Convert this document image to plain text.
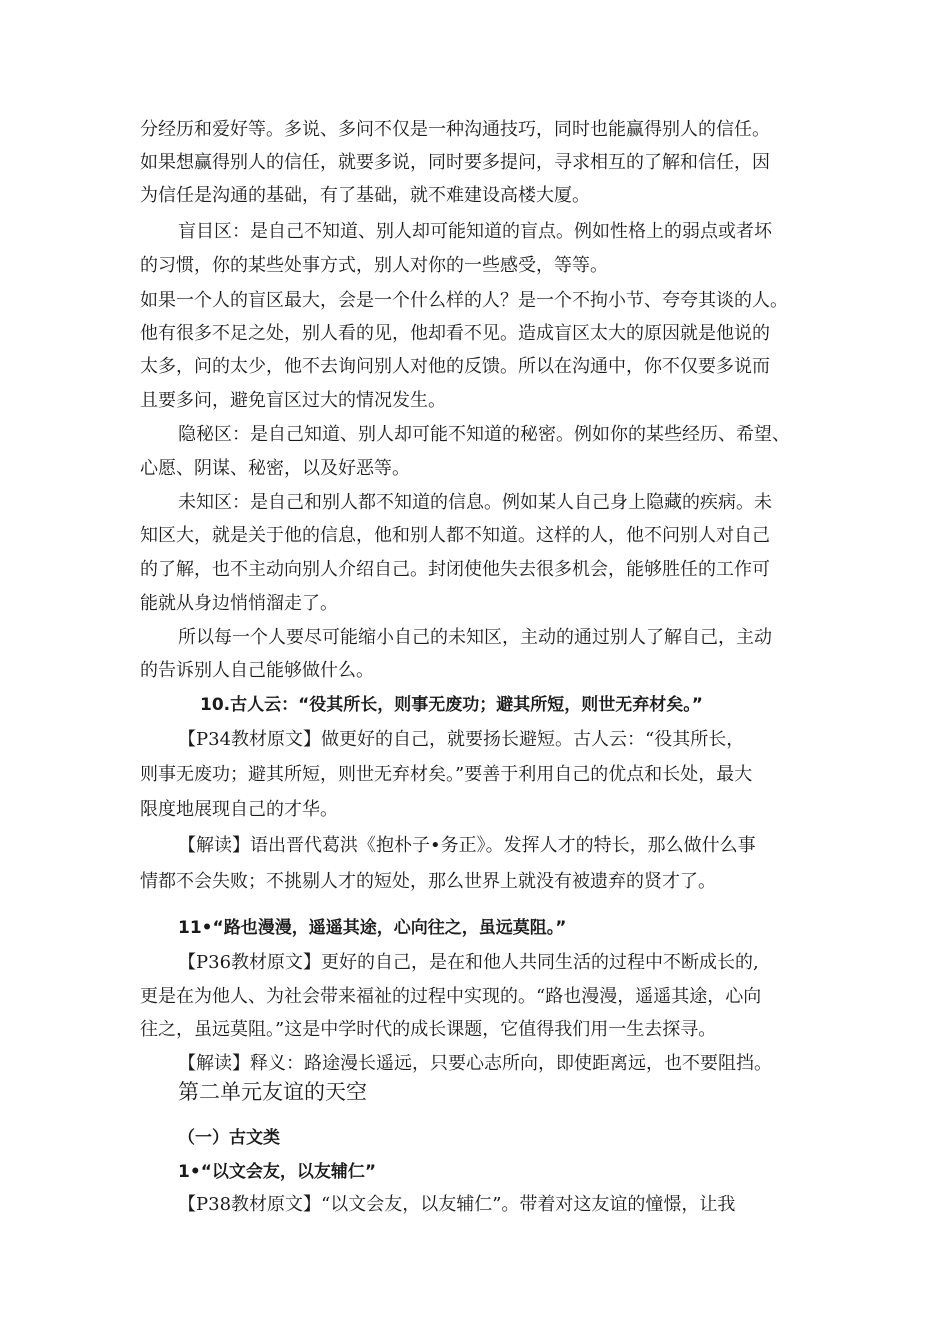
分经历和爱好等。多说、多问不仅是一种沟通技巧，同时也能赢得别人的信任。
如果想赢得别人的信任，就要多说，同时要多提问，寻求相互的了解和信任，因
为信任是沟通的基础，有了基础，就不难建设高楼大厦。
盲目区：是自己不知道、别人却可能知道的盲点。例如性格上的弱点或者坏
的习惯，你的某些处事方式，别人对你的一些感受，等等。
如果一个人的盲区最大，会是一个什么样的人？是一个不拘小节、夸夸其谈的人。
他有很多不足之处，别人看的见，他却看不见。造成盲区太大的原因就是他说的
太多，问的太少，他不去询问别人对他的反馈。所以在沟通中，你不仅要多说而
且要多问，避免盲区过大的情况发生。
隐秘区：是自己知道、别人却可能不知道的秘密。例如你的某些经历、希望、
心愿、阴谋、秘密，以及好恶等。
未知区：是自己和别人都不知道的信息。例如某人自己身上隐藏的疾病。未
知区大，就是关于他的信息，他和别人都不知道。这样的人，他不问别人对自己
的了解，也不主动向别人介绍自己。封闭使他失去很多机会，能够胜任的工作可
能就从身边悄悄溜走了。
所以每一个人要尽可能缩小自己的未知区，主动的通过别人了解自己，主动
的告诉别人自己能够做什么。
10.古人云：“役其所长，则事无废功；避其所短，则世无弃材矣。”
【P34教材原文】做更好的自己，就要扬长避短。古人云：“役其所长，
则事无废功；避其所短，则世无弃材矣。”要善于利用自己的优点和长处，最大
限度地展现自己的才华。
【解读】语出晋代葛洪《抱朴子•务正》。发挥人才的特长，那么做什么事
情都不会失败；不挑剔人才的短处，那么世界上就没有被遗弃的贤才了。
11•“路也漫漫，遥遥其途，心向往之，虽远莫阻。”
【P36教材原文】更好的自己，是在和他人共同生活的过程中不断成长的,
更是在为他人、为社会带来福祉的过程中实现的。“路也漫漫，遥遥其途，心向
往之，虽远莫阻。”这是中学时代的成长课题，它值得我们用一生去探寻。
【解读】释义：路途漫长遥远，只要心志所向，即使距离远，也不要阻挡。
第二单元友谊的天空
（一）古文类
1•“以文会友，以友辅仁”
【P38教材原文】“以文会友，以友辅仁”。带着对这友谊的憧憬，让我
